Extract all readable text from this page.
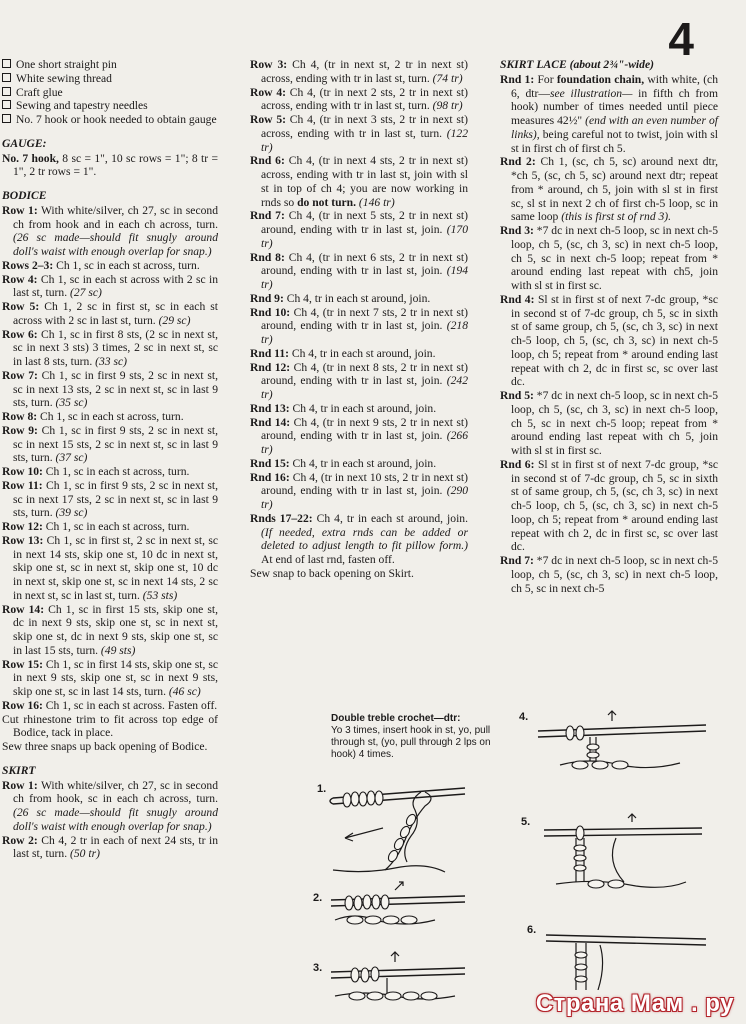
4

One short straight pin

White sewing thread

Craft glue

Sewing and tapestry needles

No. 7 hook or hook needed to obtain gauge

GAUGE:

No. 7 hook, 8 sc = 1", 10 sc rows = 1"; 8 tr = 1", 2 tr rows = 1".

BODICE

Row 1: With white/silver, ch 27, sc in second ch from hook and in each ch across, turn. (26 sc made—should fit snugly around doll's waist with enough overlap for snap.)

Rows 2–3: Ch 1, sc in each st across, turn.

Row 4: Ch 1, sc in each st across with 2 sc in last st, turn. (27 sc)

Row 5: Ch 1, 2 sc in first st, sc in each st across with 2 sc in last st, turn. (29 sc)

Row 6: Ch 1, sc in first 8 sts, (2 sc in next st, sc in next 3 sts) 3 times, 2 sc in next st, sc in last 8 sts, turn. (33 sc)

Row 7: Ch 1, sc in first 9 sts, 2 sc in next st, sc in next 13 sts, 2 sc in next st, sc in last 9 sts, turn. (35 sc)

Row 8: Ch 1, sc in each st across, turn.

Row 9: Ch 1, sc in first 9 sts, 2 sc in next st, sc in next 15 sts, 2 sc in next st, sc in last 9 sts, turn. (37 sc)

Row 10: Ch 1, sc in each st across, turn.

Row 11: Ch 1, sc in first 9 sts, 2 sc in next st, sc in next 17 sts, 2 sc in next st, sc in last 9 sts, turn. (39 sc)

Row 12: Ch 1, sc in each st across, turn.

Row 13: Ch 1, sc in first st, 2 sc in next st, sc in next 14 sts, skip one st, 10 dc in next st, skip one st, sc in next st, skip one st, 10 dc in next st, skip one st, sc in next 14 sts, 2 sc in next st, sc in last st, turn. (53 sts)

Row 14: Ch 1, sc in first 15 sts, skip one st, dc in next 9 sts, skip one st, sc in next st, skip one st, dc in next 9 sts, skip one st, sc in last 15 sts, turn. (49 sts)

Row 15: Ch 1, sc in first 14 sts, skip one st, sc in next 9 sts, skip one st, sc in next 9 sts, skip one st, sc in last 14 sts, turn. (46 sc)

Row 16: Ch 1, sc in each st across. Fasten off.

Cut rhinestone trim to fit across top edge of Bodice, tack in place.

Sew three snaps up back opening of Bodice.

SKIRT

Row 1: With white/silver, ch 27, sc in second ch from hook, sc in each ch across, turn. (26 sc made—should fit snugly around doll's waist with enough overlap for snap.)

Row 2: Ch 4, 2 tr in each of next 24 sts, tr in last st, turn. (50 tr)

Row 3: Ch 4, (tr in next st, 2 tr in next st) across, ending with tr in last st, turn. (74 tr)

Row 4: Ch 4, (tr in next 2 sts, 2 tr in next st) across, ending with tr in last st, turn. (98 tr)

Row 5: Ch 4, (tr in next 3 sts, 2 tr in next st) across, ending with tr in last st, turn. (122 tr)

Rnd 6: Ch 4, (tr in next 4 sts, 2 tr in next st) across, ending with tr in last st, join with sl st in top of ch 4; you are now working in rnds so do not turn. (146 tr)

Rnd 7: Ch 4, (tr in next 5 sts, 2 tr in next st) around, ending with tr in last st, join. (170 tr)

Rnd 8: Ch 4, (tr in next 6 sts, 2 tr in next st) around, ending with tr in last st, join. (194 tr)

Rnd 9: Ch 4, tr in each st around, join.

Rnd 10: Ch 4, (tr in next 7 sts, 2 tr in next st) around, ending with tr in last st, join. (218 tr)

Rnd 11: Ch 4, tr in each st around, join.

Rnd 12: Ch 4, (tr in next 8 sts, 2 tr in next st) around, ending with tr in last st, join. (242 tr)

Rnd 13: Ch 4, tr in each st around, join.

Rnd 14: Ch 4, (tr in next 9 sts, 2 tr in next st) around, ending with tr in last st, join. (266 tr)

Rnd 15: Ch 4, tr in each st around, join.

Rnd 16: Ch 4, (tr in next 10 sts, 2 tr in next st) around, ending with tr in last st, join. (290 tr)

Rnds 17–22: Ch 4, tr in each st around, join. (If needed, extra rnds can be added or deleted to adjust length to fit pillow form.) At end of last rnd, fasten off.

Sew snap to back opening on Skirt.

SKIRT LACE (about 2¾"-wide)

Rnd 1: For foundation chain, with white, (ch 6, dtr—see illustration— in fifth ch from hook) number of times needed until piece measures 42½" (end with an even number of links), being careful not to twist, join with sl st in first ch of first ch 5.

Rnd 2: Ch 1, (sc, ch 5, sc) around next dtr, *ch 5, (sc, ch 5, sc) around next dtr; repeat from * around, ch 5, join with sl st in first sc, sl st in next 2 ch of first ch-5 loop, sc in same loop (this is first st of rnd 3).

Rnd 3: *7 dc in next ch-5 loop, sc in next ch-5 loop, ch 5, (sc, ch 3, sc) in next ch-5 loop, ch 5, sc in next ch-5 loop; repeat from * around ending last repeat with ch5, join with sl st in first sc.

Rnd 4: Sl st in first st of next 7-dc group, *sc in second st of 7-dc group, ch 5, sc in sixth st of same group, ch 5, (sc, ch 3, sc) in next ch-5 loop, ch 5, (sc, ch 3, sc) in next ch-5 loop, ch 5; repeat from * around ending last repeat with ch 2, dc in first sc, sc over last dc.

Rnd 5: *7 dc in next ch-5 loop, sc in next ch-5 loop, ch 5, (sc, ch 3, sc) in next ch-5 loop, ch 5, sc in next ch-5 loop; repeat from * around ending last repeat with ch 5, join with sl st in first sc.

Rnd 6: Sl st in first st of next 7-dc group, *sc in second st of 7-dc group, ch 5, sc in sixth st of same group, ch 5, (sc, ch 3, sc) in next ch-5 loop, ch 5, (sc, ch 3, sc) in next ch-5 loop, ch 5; repeat from * around ending last repeat with ch 2, dc in first sc, sc over last dc.

Rnd 7: *7 dc in next ch-5 loop, sc in next ch-5 loop, ch 5, (sc, ch 3, sc) in next ch-5 loop, ch 5, sc in next ch-5

Double treble crochet—dtr:
Yo 3 times, insert hook in st, yo, pull through st, (yo, pull through 2 lps on hook) 4 times.
1.
2.
3.
4.
5.
6.
Страна Мам . ру
